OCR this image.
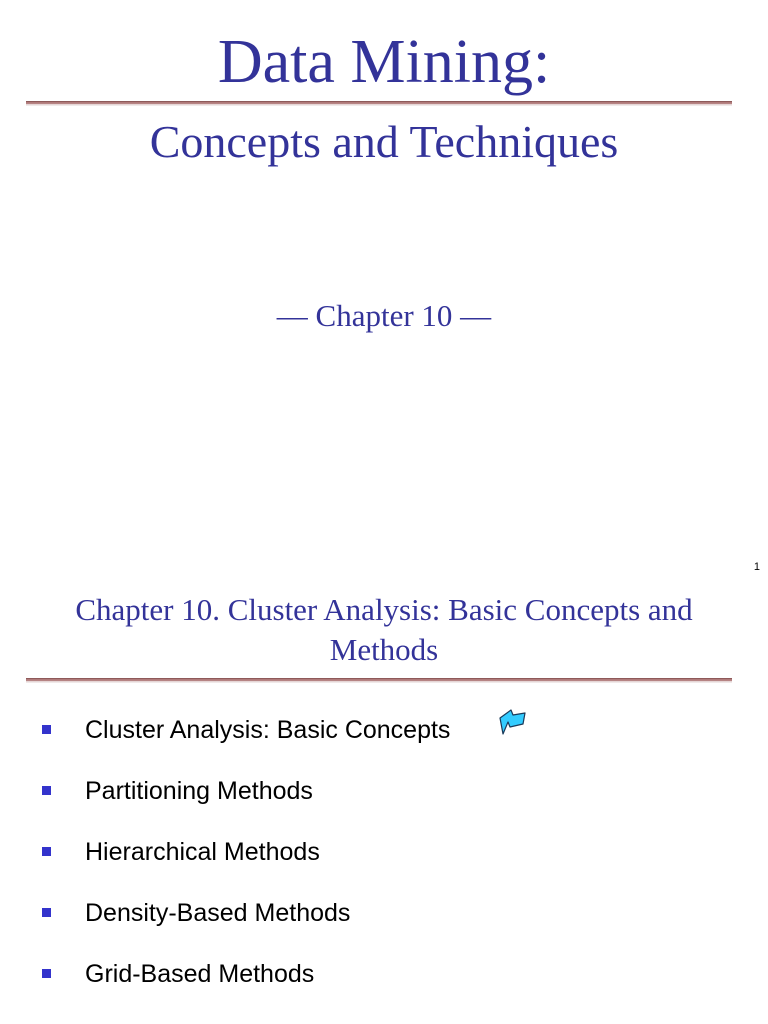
Data Mining:
Concepts and Techniques
— Chapter 10 —
1
Chapter 10. Cluster Analysis: Basic Concepts and Methods
Cluster Analysis: Basic Concepts
Partitioning Methods
Hierarchical Methods
Density-Based Methods
Grid-Based Methods
